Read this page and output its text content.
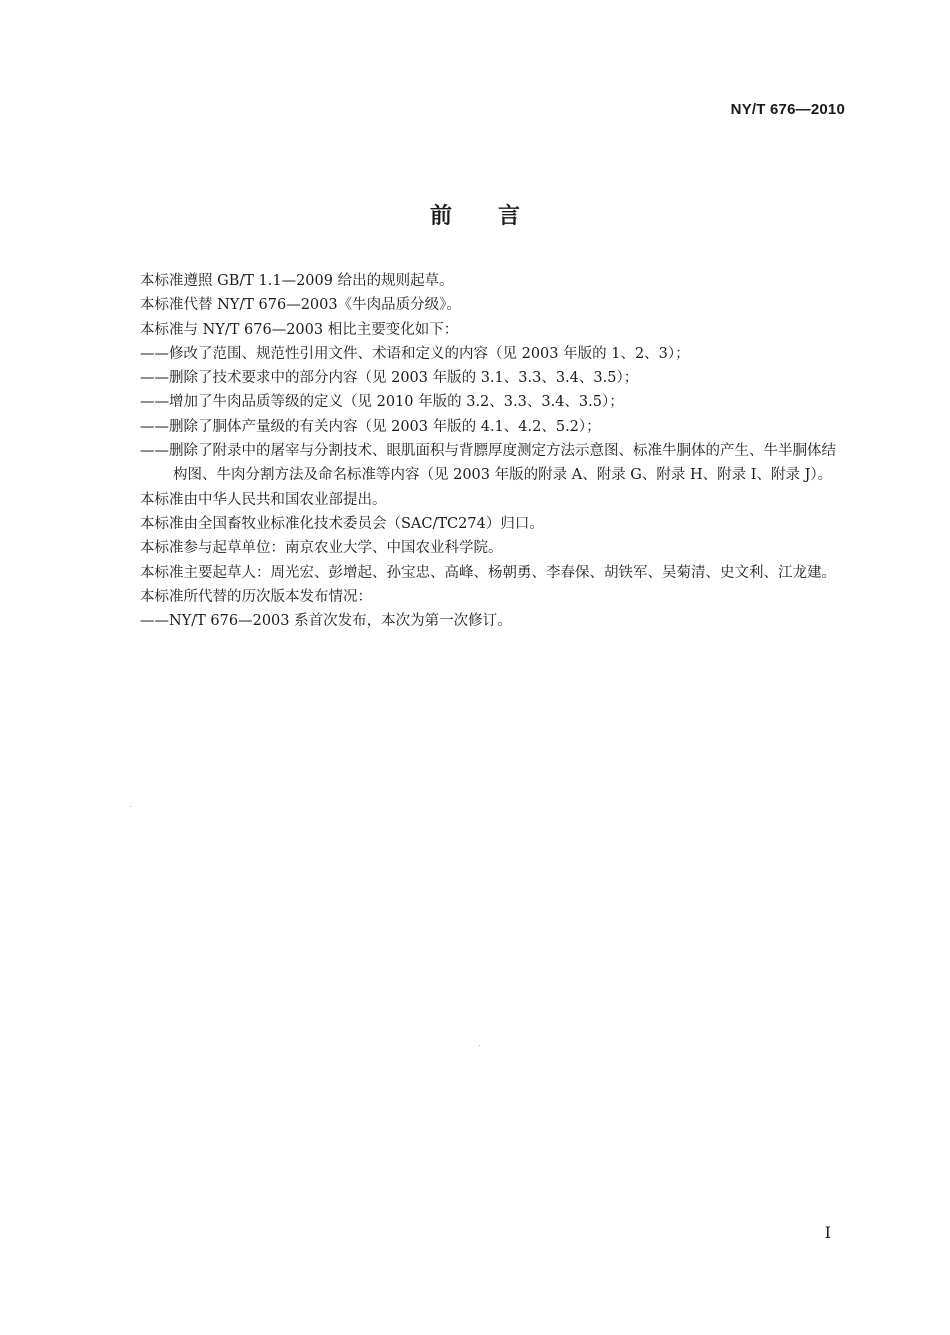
NY/T 676—2010
前言

本标准遵照 GB/T 1.1—2009 给出的规则起草。

本标准代替 NY/T 676—2003《牛肉品质分级》。

本标准与 NY/T 676—2003 相比主要变化如下：

——修改了范围、规范性引用文件、术语和定义的内容（见 2003 年版的 1、2、3）；

——删除了技术要求中的部分内容（见 2003 年版的 3.1、3.3、3.4、3.5）；

——增加了牛肉品质等级的定义（见 2010 年版的 3.2、3.3、3.4、3.5）；

——删除了胴体产量级的有关内容（见 2003 年版的 4.1、4.2、5.2）；

——删除了附录中的屠宰与分割技术、眼肌面积与背膘厚度测定方法示意图、标准牛胴体的产生、牛半胴体结构图、牛肉分割方法及命名标准等内容（见 2003 年版的附录 A、附录 G、附录 H、附录 I、附录 J）。

本标准由中华人民共和国农业部提出。

本标准由全国畜牧业标准化技术委员会（SAC/TC274）归口。

本标准参与起草单位：南京农业大学、中国农业科学院。

本标准主要起草人：周光宏、彭增起、孙宝忠、高峰、杨朝勇、李春保、胡铁军、吴菊清、史文利、江龙建。

本标准所代替的历次版本发布情况：

——NY/T 676—2003 系首次发布，本次为第一次修订。

I
